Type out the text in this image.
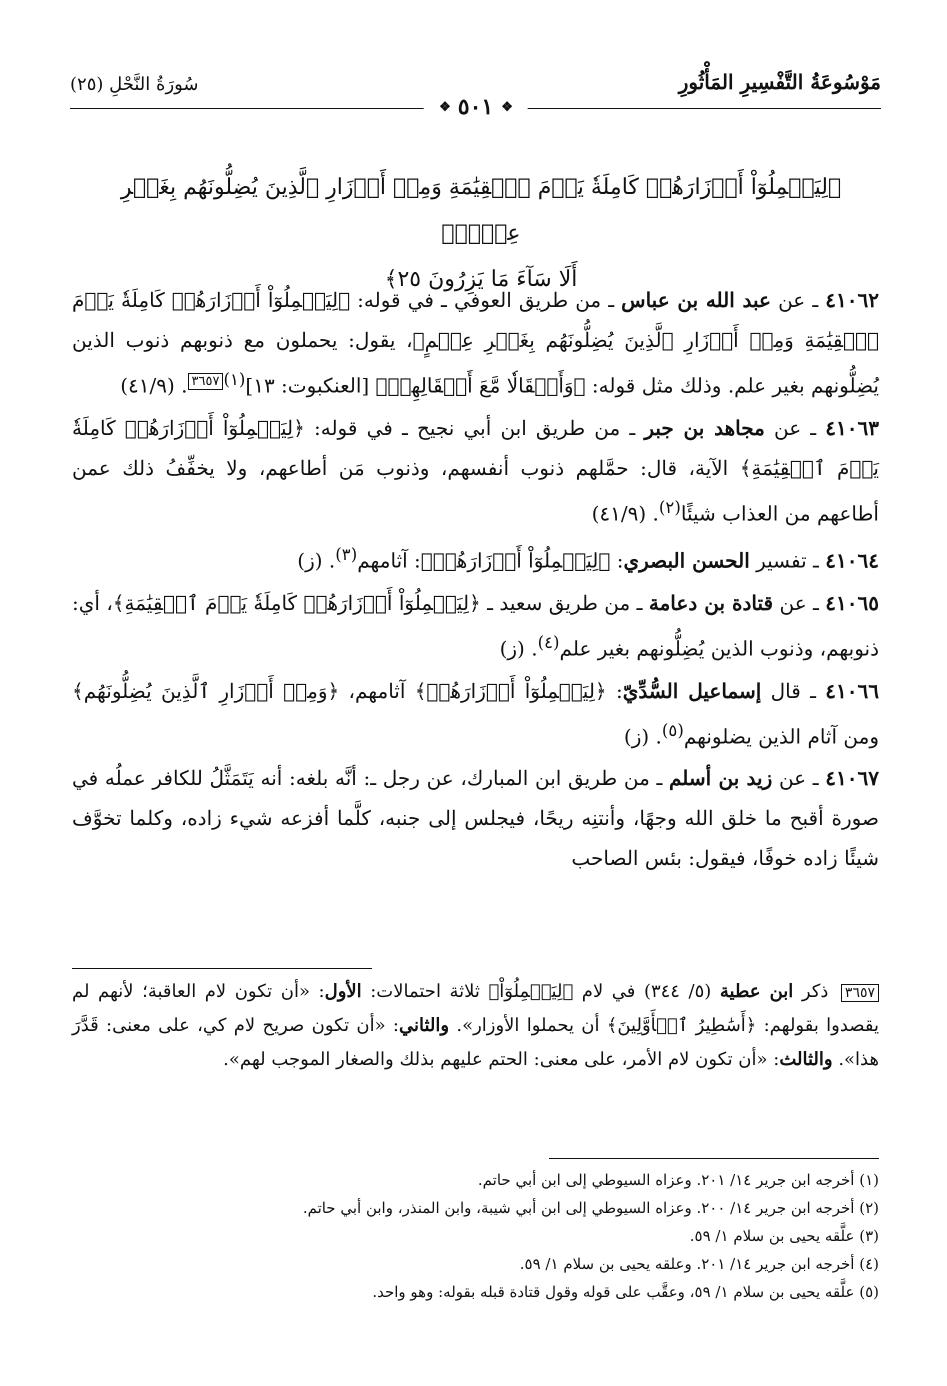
مَوْسُوعَةُ التَّفْسِيرِ المَأْثُورِ
سُورَةُ النَّحْلِ (٢٥)
❖ ٥٠١ ❖
﴿لِيَحۡمِلُوٓاْ أَوۡزَارَهُمۡ كَامِلَةٗ يَوۡمَ ٱلۡقِيَٰمَةِ وَمِنۡ أَوۡزَارِ ٱلَّذِينَ يُضِلُّونَهُم بِغَيۡرِ عِلۡمٍۗ
أَلَا سَآءَ مَا يَزِرُونَ ٢٥﴾

٤١٠٦٢ ـ عن عبد الله بن عباس ـ من طريق العوفي ـ في قوله: ﴿لِيَحۡمِلُوٓاْ أَوۡزَارَهُمۡ كَامِلَةٗ يَوۡمَ ٱلۡقِيَٰمَةِ وَمِنۡ أَوۡزَارِ ٱلَّذِينَ يُضِلُّونَهُم بِغَيۡرِ عِلۡمٍ﴾، يقول: يحملون مع ذنوبهم ذنوب الذين يُضِلُّونهم بغير علم. وذلك مثل قوله: ﴿وَأَثۡقَالٗا مَّعَ أَثۡقَالِهِمۡ﴾ [العنكبوت: ١٣]$^{(١)}$٣٦٥٧. (٤١/٩)

٤١٠٦٣ ـ عن مجاهد بن جبر ـ من طريق ابن أبي نجيح ـ في قوله: ﴿لِيَحۡمِلُوٓاْ أَوۡزَارَهُمۡ كَامِلَةٗ يَوۡمَ ٱلۡقِيَٰمَةِ﴾ الآية، قال: حمَّلهم ذنوب أنفسهم، وذنوب مَن أطاعهم، ولا يخفِّفُ ذلك عمن أطاعهم من العذاب شيئًا$^{(٢)}$. (٤١/٩)

٤١٠٦٤ ـ تفسير الحسن البصري: ﴿لِيَحۡمِلُوٓاْ أَوۡزَارَهُمۡ﴾: آثامهم$^{(٣)}$. (ز)

٤١٠٦٥ ـ عن قتادة بن دعامة ـ من طريق سعيد ـ ﴿لِيَحۡمِلُوٓاْ أَوۡزَارَهُمۡ كَامِلَةٗ يَوۡمَ ٱلۡقِيَٰمَةِ﴾، أي: ذنوبهم، وذنوب الذين يُضِلُّونهم بغير علم$^{(٤)}$. (ز)

٤١٠٦٦ ـ قال إسماعيل السُّدِّيّ: ﴿لِيَحۡمِلُوٓاْ أَوۡزَارَهُمۡ﴾ آثامهم، ﴿وَمِنۡ أَوۡزَارِ ٱلَّذِينَ يُضِلُّونَهُم﴾ ومن آثام الذين يضلونهم$^{(٥)}$. (ز)

٤١٠٦٧ ـ عن زيد بن أسلم ـ من طريق ابن المبارك، عن رجل ـ: أنَّه بلغه: أنه يَتَمَثَّلُ للكافر عملُه في صورة أقبح ما خلق الله وجهًا، وأنتنِه ريحًا، فيجلس إلى جنبه، كلَّما أفزعه شيء زاده، وكلما تخوَّف شيئًا زاده خوفًا، فيقول: بئس الصاحب

٣٦٥٧ ذكر ابن عطية (٥/ ٣٤٤) في لام ﴿لِيَحۡمِلُوٓاْ﴾ ثلاثة احتمالات: الأول: «أن تكون لام العاقبة؛ لأنهم لم يقصدوا بقولهم: ﴿أَسَٰطِيرُ ٱلۡأَوَّلِينَ﴾ أن يحملوا الأوزار». والثاني: «أن تكون صريح لام كي، على معنى: قَدَّرَ هذا». والثالث: «أن تكون لام الأمر، على معنى: الحتم عليهم بذلك والصغار الموجب لهم».
(١) أخرجه ابن جرير ١٤/ ٢٠١. وعزاه السيوطي إلى ابن أبي حاتم.
(٢) أخرجه ابن جرير ١٤/ ٢٠٠. وعزاه السيوطي إلى ابن أبي شيبة، وابن المنذر، وابن أبي حاتم.
(٣) علَّقه يحيى بن سلام ١/ ٥٩.
(٤) أخرجه ابن جرير ١٤/ ٢٠١. وعلقه يحيى بن سلام ١/ ٥٩.
(٥) علَّقه يحيى بن سلام ١/ ٥٩، وعقَّب على قوله وقول قتادة قبله بقوله: وهو واحد.
